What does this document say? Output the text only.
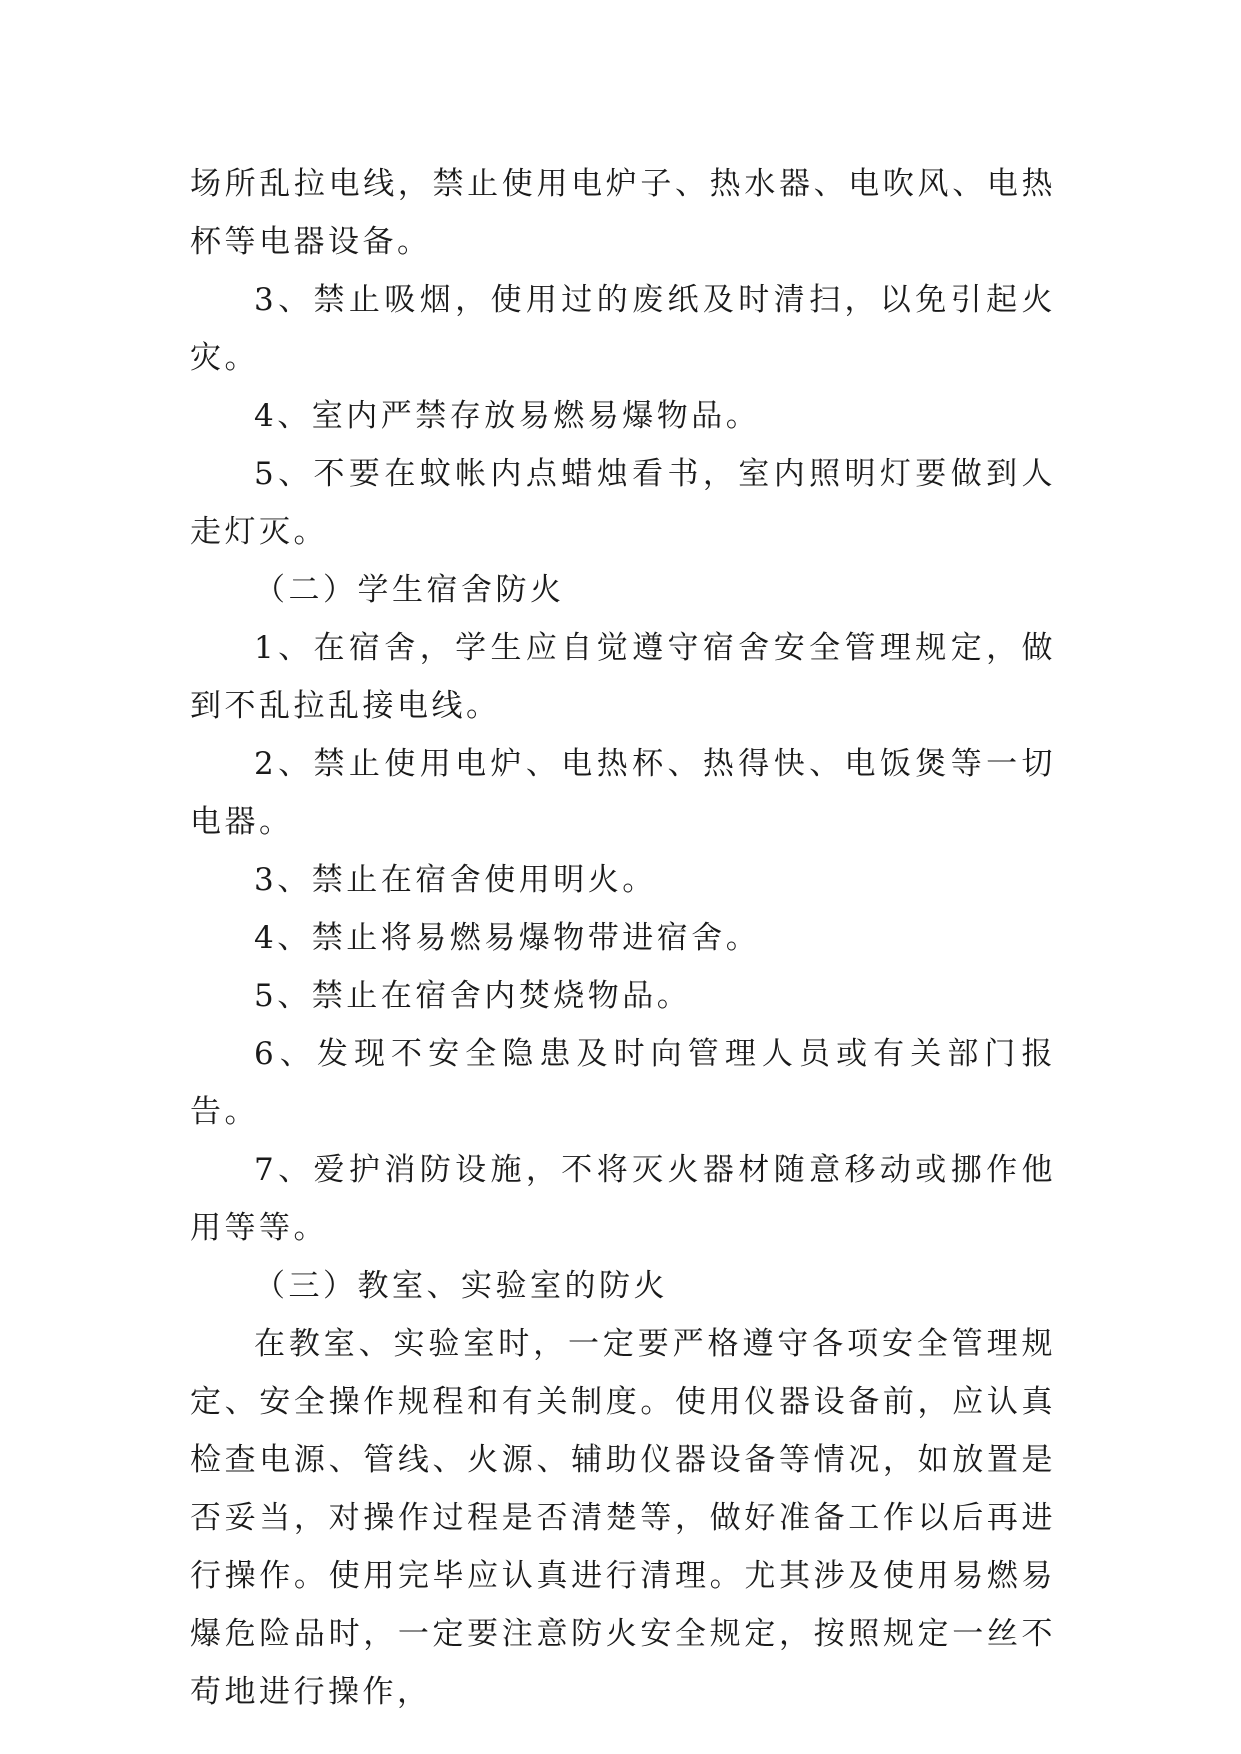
场所乱拉电线，禁止使用电炉子、热水器、电吹风、电热杯等电器设备。

3、禁止吸烟，使用过的废纸及时清扫，以免引起火灾。

4、室内严禁存放易燃易爆物品。

5、不要在蚊帐内点蜡烛看书，室内照明灯要做到人走灯灭。

（二）学生宿舍防火

1、在宿舍，学生应自觉遵守宿舍安全管理规定，做到不乱拉乱接电线。

2、禁止使用电炉、电热杯、热得快、电饭煲等一切电器。

3、禁止在宿舍使用明火。

4、禁止将易燃易爆物带进宿舍。

5、禁止在宿舍内焚烧物品。

6、发现不安全隐患及时向管理人员或有关部门报告。

7、爱护消防设施，不将灭火器材随意移动或挪作他用等等。

（三）教室、实验室的防火

在教室、实验室时，一定要严格遵守各项安全管理规定、安全操作规程和有关制度。使用仪器设备前，应认真检查电源、管线、火源、辅助仪器设备等情况，如放置是否妥当，对操作过程是否清楚等，做好准备工作以后再进行操作。使用完毕应认真进行清理。尤其涉及使用易燃易爆危险品时，一定要注意防火安全规定，按照规定一丝不苟地进行操作，
